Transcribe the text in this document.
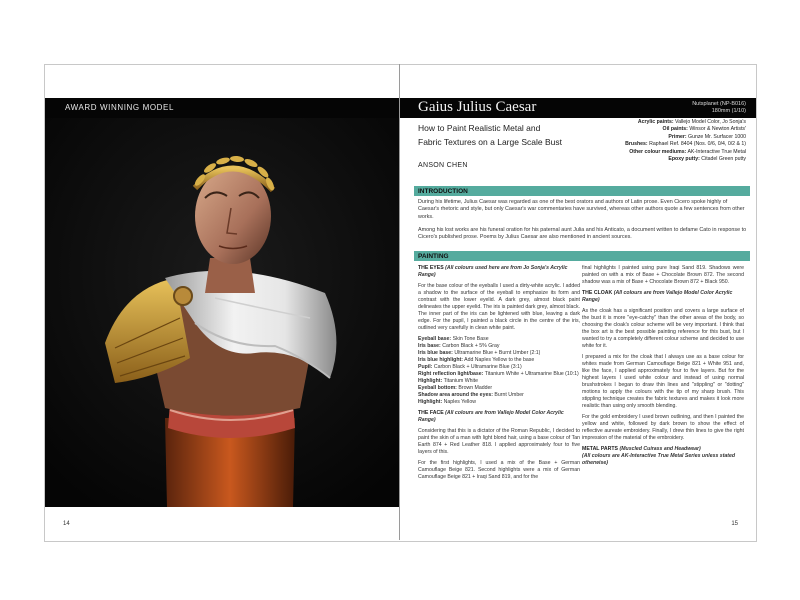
AWARD WINNING MODEL
14
Gaius Julius Caesar	Nutsplanet (NP-B016)
180mm (1/10)
How to Paint Realistic Metal and
Fabric Textures on a Large Scale Bust
ANSON CHEN
Acrylic paints: Vallejo Model Color, Jo Sonja's
Oil paints: Winsor & Newton Artists'
Primer: Gunze Mr. Surfacer 1000
Brushes: Raphael Ref. 8404 (Nos. 0/6, 0/4, 0/2 & 1)
Other colour mediums: AK-Interactive True Metal
Epoxy putty: Citadel Green putty
INTRODUCTION
During his lifetime, Julius Caesar was regarded as one of the best orators and authors of Latin prose. Even Cicero spoke highly of Caesar's rhetoric and style, but only Caesar's war commentaries have survived, whereas other authors quote a few sentences from other works.
Among his lost works are his funeral oration for his paternal aunt Julia and his Anticato, a document written to defame Cato in response to Cicero's published prose. Poems by Julius Caesar are also mentioned in ancient sources.
PAINTING

THE EYES (All colours used here are from Jo Sonja's Acrylic Range)

For the base colour of the eyeballs I used a dirty-white acrylic. I added a shadow to the surface of the eyeball to emphasize its form and contrast with the lower eyelid. A dark grey, almost black paint delineates the upper eyelid. The iris is painted dark grey, almost black. The inner part of the iris can be lightened with blue, leaving a dark edge. For the pupil, I painted a black circle in the centre of the iris, outlined very carefully in clean white paint.

Eyeball base: Skin Tone Base

Iris base: Carbon Black + 5% Gray

Iris blue base: Ultramarine Blue + Burnt Umber (2:1)

Iris blue highlight: Add Naples Yellow to the base

Pupil: Carbon Black + Ultramarine Blue (3:1)

Right reflection light/base: Titanium White + Ultramarine Blue (10:1)

Highlight: Titanium White

Eyeball bottom: Brown Madder

Shadow area around the eyes: Burnt Umber

Highlight: Naples Yellow

THE FACE (All colours are from Vallejo Model Color Acrylic Range)

Considering that this is a dictator of the Roman Republic, I decided to paint the skin of a man with light blond hair, using a base colour of Tan Earth 874 + Red Leather 818. I applied approximately four to five layers of this.

For the first highlights, I used a mix of the Base + German Camouflage Beige 821. Second highlights were a mix of German Camouflage Beige 821 + Iraqi Sand 819, and for the

final highlights I painted using pure Iraqi Sand 819. Shadows were painted on with a mix of Base + Chocolate Brown 872. The second shadow was a mix of Base + Chocolate Brown 872 + Black 950.

THE CLOAK (All colours are from Vallejo Model Color Acrylic Range)

As the cloak has a significant position and covers a large surface of the bust it is more "eye-catchy" than the other areas of the body, so choosing the cloak's colour scheme will be very important. I think that the box art is the best possible painting reference for this bust, but I wanted to try a completely different colour scheme and decided to use white for it.

I prepared a mix for the cloak that I always use as a base colour for whites made from German Camouflage Beige 821 + White 951 and, like the face, I applied approximately four to five layers. But for the highest layers I used white colour and instead of using normal brushstrokes I began to draw thin lines and "stippling" or "dotting" motions to apply the colours with the tip of my sharp brush. This stippling technique creates the fabric textures and makes it look more realistic than using only smooth blending.

For the gold embroidery I used brown outlining, and then I painted the yellow and white, followed by dark brown to show the effect of reflective aureate embroidery. Finally, I drew thin lines to give the right impression of the material of the embroidery.

METAL PARTS (Muscled Cuirass and Headwear)

(All colours are AK-Interactive True Metal Series unless stated otherwise)

15
